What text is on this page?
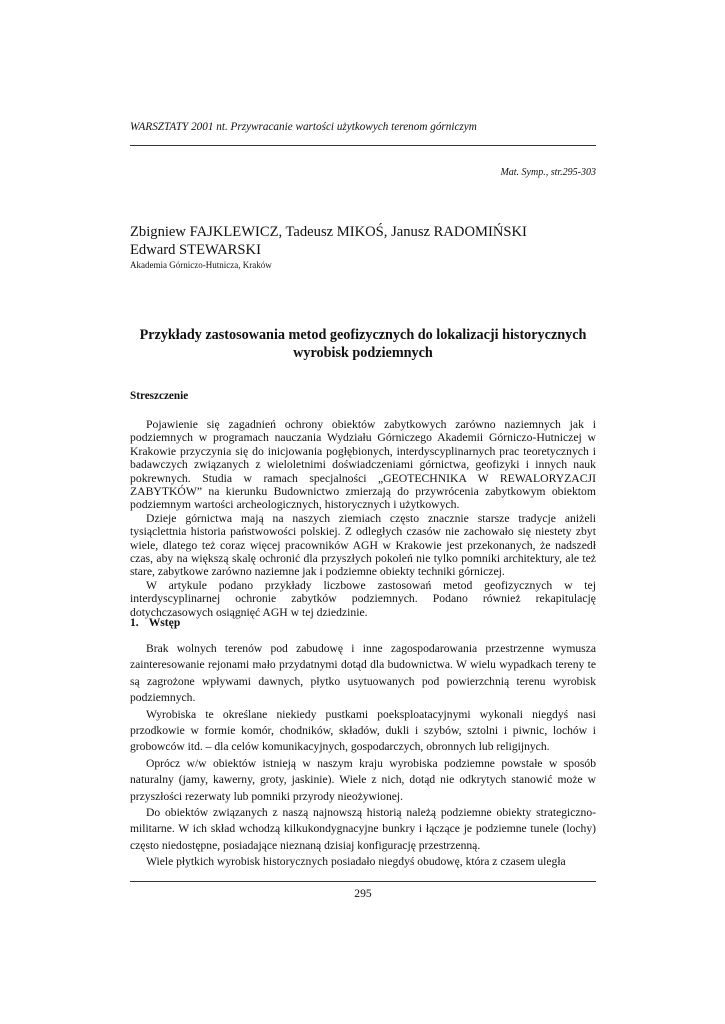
WARSZTATY 2001 nt. Przywracanie wartości użytkowych terenom górniczym
Mat. Symp., str.295-303
Zbigniew FAJKLEWICZ, Tadeusz MIKOŚ, Janusz RADOMIŃSKI
Edward STEWARSKI
Akademia Górniczo-Hutnicza, Kraków
Przykłady zastosowania metod geofizycznych do lokalizacji historycznych wyrobisk podziemnych
Streszczenie

Pojawienie się zagadnień ochrony obiektów zabytkowych zarówno naziemnych jak i podziemnych w programach nauczania Wydziału Górniczego Akademii Górniczo-Hutniczej w Krakowie przyczynia się do inicjowania pogłębionych, interdyscyplinarnych prac teoretycznych i badawczych związanych z wieloletnimi doświadczeniami górnictwa, geofizyki i innych nauk pokrewnych. Studia w ramach specjalności „GEOTECHNIKA W REWALORYZACJI ZABYTKÓW” na kierunku Budownictwo zmierzają do przywrócenia zabytkowym obiektom podziemnym wartości archeologicznych, historycznych i użytkowych.

Dzieje górnictwa mają na naszych ziemiach często znacznie starsze tradycje aniżeli tysiąclettnia historia państwowości polskiej. Z odległych czasów nie zachowało się niestety zbyt wiele, dlatego też coraz więcej pracowników AGH w Krakowie jest przekonanych, że nadszedł czas, aby na większą skalę ochronić dla przyszłych pokoleń nie tylko pomniki architektury, ale też stare, zabytkowe zarówno naziemne jak i podziemne obiekty techniki górniczej.

W artykule podano przykłady liczbowe zastosowań metod geofizycznych w tej interdyscyplinarnej ochronie zabytków podziemnych. Podano również rekapitulację dotychczasowych osiągnięć AGH w tej dziedzinie.

1. Wstęp

Brak wolnych terenów pod zabudowę i inne zagospodarowania przestrzenne wymusza zainteresowanie rejonami mało przydatnymi dotąd dla budownictwa. W wielu wypadkach tereny te są zagrożone wpływami dawnych, płytko usytuowanych pod powierzchnią terenu wyrobisk podziemnych.

Wyrobiska te określane niekiedy pustkami poeksploatacyjnymi wykonali niegdyś nasi przodkowie w formie komór, chodników, składów, dukli i szybów, sztolni i piwnic, lochów i grobowców itd. – dla celów komunikacyjnych, gospodarczych, obronnych lub religijnych.

Oprócz w/w obiektów istnieją w naszym kraju wyrobiska podziemne powstałe w sposób naturalny (jamy, kawerny, groty, jaskinie). Wiele z nich, dotąd nie odkrytych stanowić może w przyszłości rezerwaty lub pomniki przyrody nieożywionej.

Do obiektów związanych z naszą najnowszą historią należą podziemne obiekty strategiczno-militarne. W ich skład wchodzą kilkukondygnacyjne bunkry i łączące je podziemne tunele (lochy) często niedostępne, posiadające nieznaną dzisiaj konfigurację przestrzenną.

Wiele płytkich wyrobisk historycznych posiadało niegdyś obudowę, która z czasem uległa

295
